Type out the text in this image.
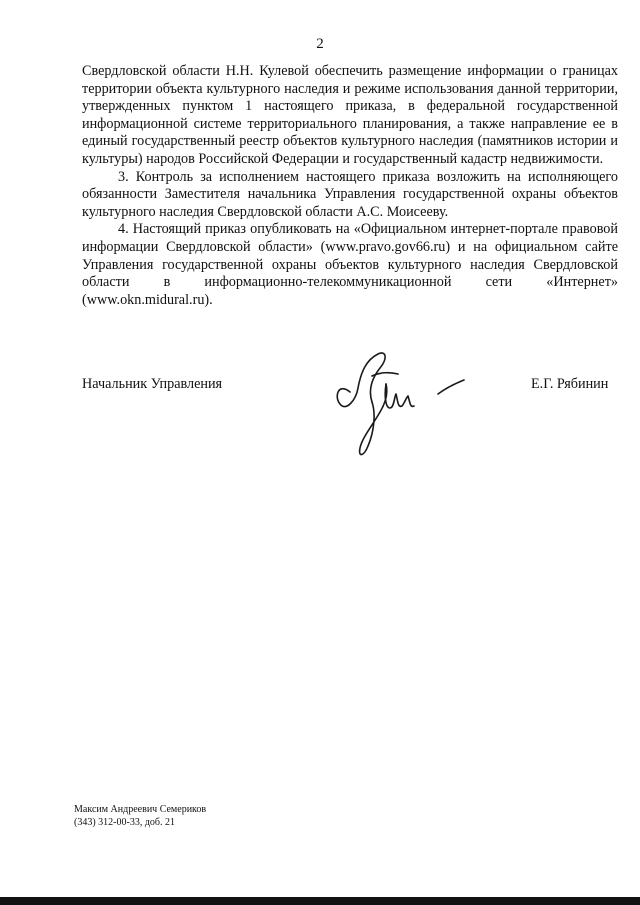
2

Свердловской области Н.Н. Кулевой обеспечить размещение информации о границах территории объекта культурного наследия и режиме использования данной территории, утвержденных пунктом 1 настоящего приказа, в федеральной государственной информационной системе территориального планирования, а также направление ее в единый государственный реестр объектов культурного наследия (памятников истории и культуры) народов Российской Федерации и государственный кадастр недвижимости.

3. Контроль за исполнением настоящего приказа возложить на исполняющего обязанности Заместителя начальника Управления государственной охраны объектов культурного наследия Свердловской области А.С. Моисееву.

4. Настоящий приказ опубликовать на «Официальном интернет-портале правовой информации Свердловской области» (www.pravo.gov66.ru) и на официальном сайте Управления государственной охраны объектов культурного наследия Свердловской области в информационно-телекоммуникационной сети «Интернет» (www.okn.midural.ru).

Начальник Управления	Е.Г. Рябинин
Максим Андреевич Семериков
(343) 312-00-33, доб. 21
